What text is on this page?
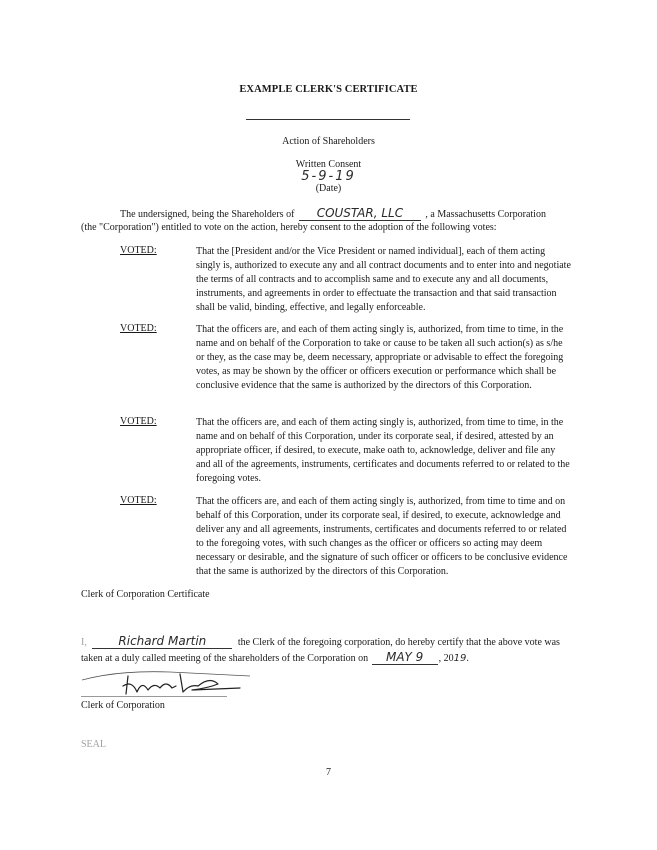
EXAMPLE CLERK'S CERTIFICATE
Action of Shareholders
Written Consent
5-9-19
(Date)
The undersigned, being the Shareholders of COUSTAR, LLC , a Massachusetts Corporation
(the "Corporation") entitled to vote on the action, hereby consent to the adoption of the following votes:
VOTED:	That the [President and/or the Vice President or named individual], each of them acting singly is, authorized to execute any and all contract documents and to enter into and negotiate the terms of all contracts and to accomplish same and to execute any and all documents, instruments, and agreements in order to effectuate the transaction and that said transaction shall be valid, binding, effective, and legally enforceable.
VOTED:	That the officers are, and each of them acting singly is, authorized, from time to time, in the name and on behalf of the Corporation to take or cause to be taken all such action(s) as s/he or they, as the case may be, deem necessary, appropriate or advisable to effect the foregoing votes, as may be shown by the officer or officers execution or performance which shall be conclusive evidence that the same is authorized by the directors of this Corporation.
VOTED:	That the officers are, and each of them acting singly is, authorized, from time to time, in the name and on behalf of this Corporation, under its corporate seal, if desired, attested by an appropriate officer, if desired, to execute, make oath to, acknowledge, deliver and file any and all of the agreements, instruments, certificates and documents referred to or related to the foregoing votes.
VOTED:	That the officers are, and each of them acting singly is, authorized, from time to time and on behalf of this Corporation, under its corporate seal, if desired, to execute, acknowledge and deliver any and all agreements, instruments, certificates and documents referred to or related to the foregoing votes, with such changes as the officer or officers so acting may deem necessary or desirable, and the signature of such officer or officers to be conclusive evidence that the same is authorized by the directors of this Corporation.
Clerk of Corporation Certificate
I,	Richard Martin	the Clerk of the foregoing corporation, do hereby certify that the above vote was
taken at a duly called meeting of the shareholders of the Corporation on MAY 9 , 2019.
Clerk of Corporation
SEAL
7
